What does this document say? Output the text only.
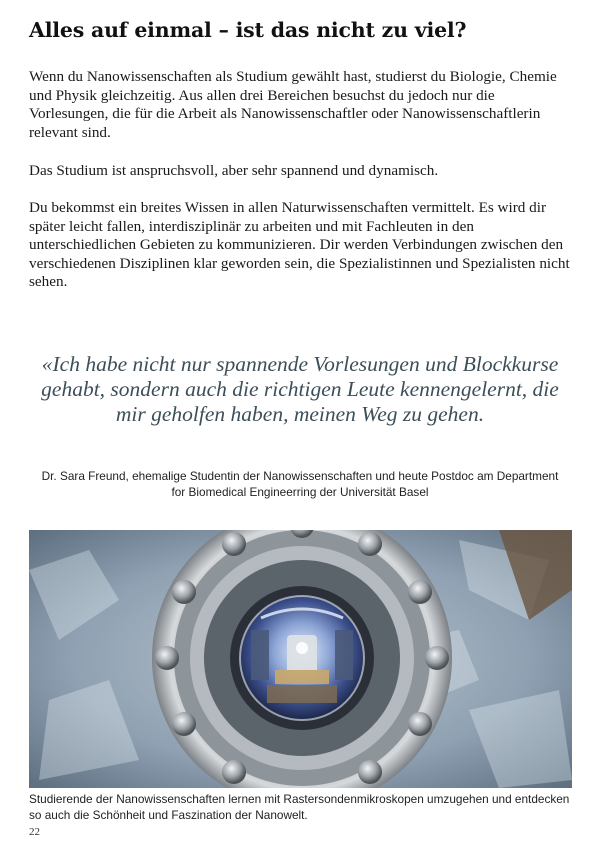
Alles auf einmal – ist das nicht zu viel?

Wenn du Nanowissenschaften als Studium gewählt hast, studierst du Biologie, Chemie und Physik gleichzeitig. Aus allen drei Bereichen besuchst du jedoch nur die Vorlesungen, die für die Arbeit als Nanowissenschaftler oder Nanowissenschaftlerin relevant sind.

Das Studium ist anspruchsvoll, aber sehr spannend und dynamisch.

Du bekommst ein breites Wissen in allen Naturwissenschaften vermittelt. Es wird dir später leicht fallen, interdisziplinär zu arbeiten und mit Fachleuten in den unterschiedlichen Gebieten zu kommunizieren. Dir werden Verbindungen zwischen den verschiedenen Disziplinen klar geworden sein, die Spezialistinnen und Spezialisten nicht sehen.

«Ich habe nicht nur spannende Vorlesungen und Blockkurse gehabt, sondern auch die richtigen Leute kennengelernt, die mir geholfen haben, meinen Weg zu gehen.

Dr. Sara Freund, ehemalige Studentin der Nanowissenschaften und heute Postdoc am Department for Biomedical Engineerring der Universität Basel

Studierende der Nanowissenschaften lernen mit Rastersondenmikroskopen umzugehen und entdecken so auch die Schönheit und Faszination der Nanowelt.

22
